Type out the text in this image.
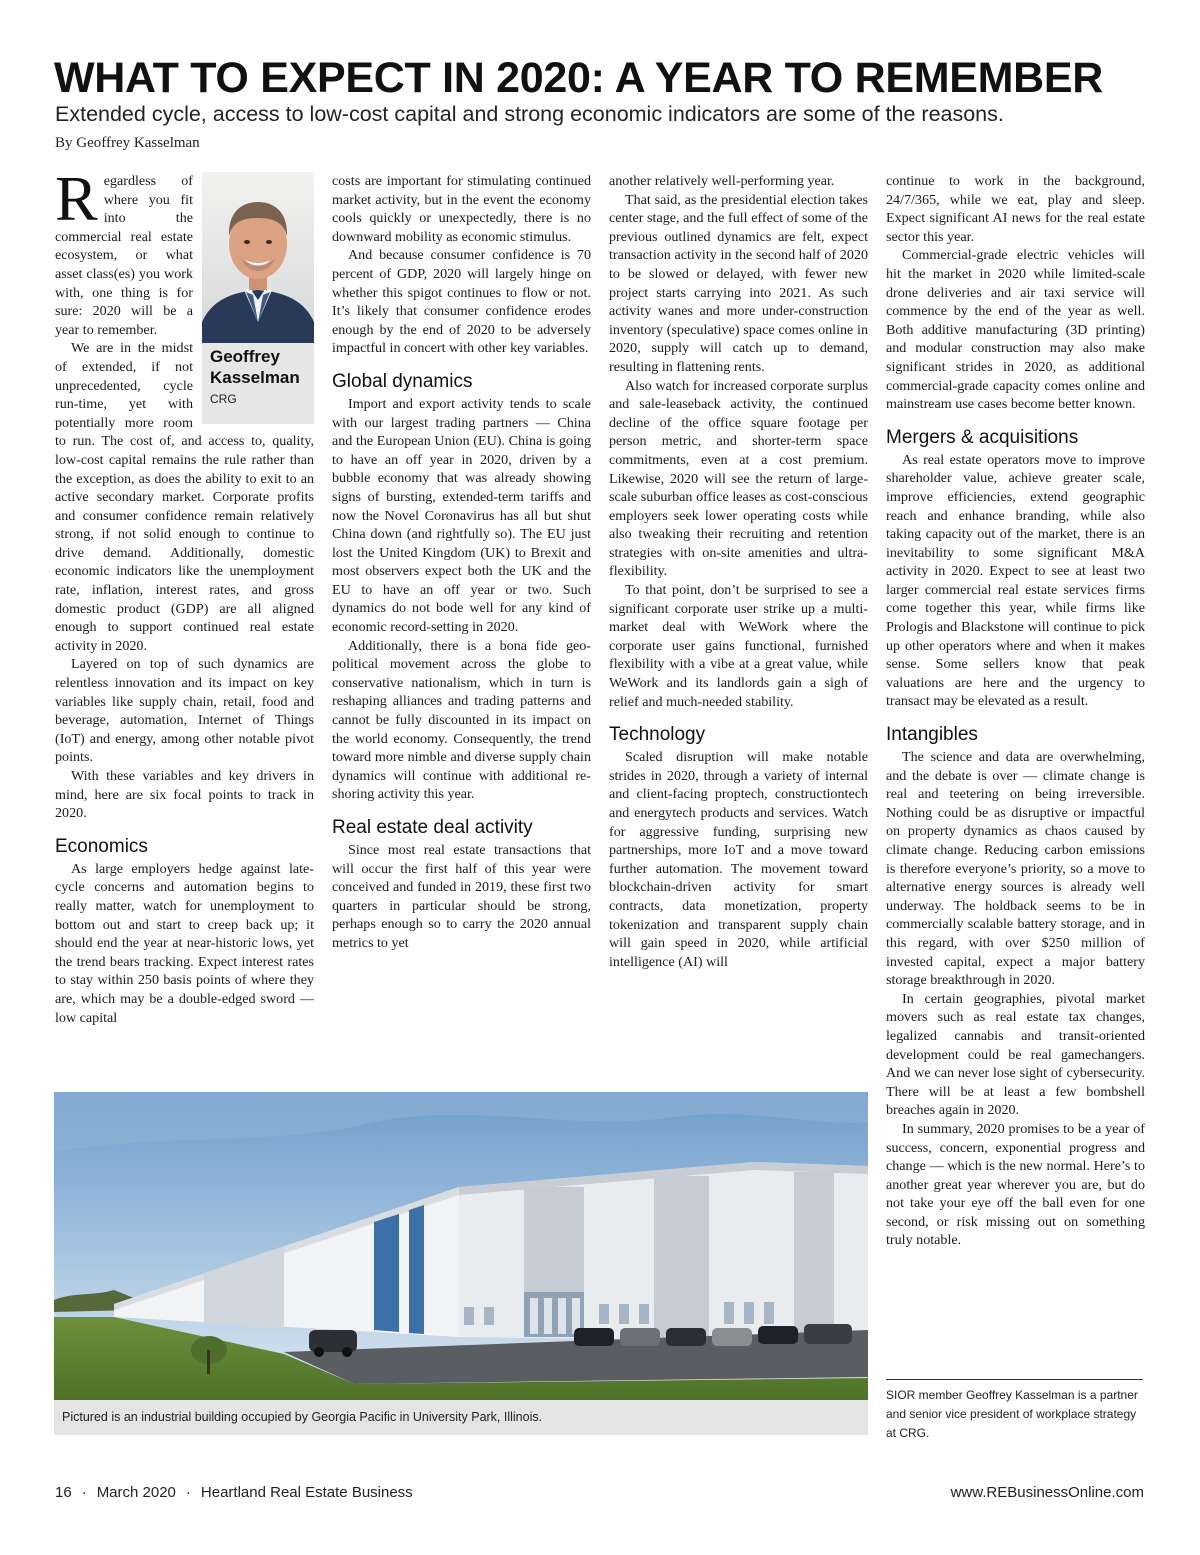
WHAT TO EXPECT IN 2020: A YEAR TO REMEMBER
Extended cycle, access to low-cost capital and strong economic indicators are some of the reasons.
By Geoffrey Kasselman
Geoffrey
Kasselman
CRG

Regardless of where you fit into the commercial real estate ecosystem, or what asset class(es) you work with, one thing is for sure: 2020 will be a year to remember.

We are in the midst of extended, if not unprecedented, cycle run-time, yet with potentially more room to run. The cost of, and access to, quality, low-cost capital remains the rule rather than the exception, as does the ability to exit to an active secondary market. Corporate profits and consumer confidence remain relatively strong, if not solid enough to continue to drive demand. Additionally, domestic economic indicators like the unemployment rate, inflation, interest rates, and gross domestic product (GDP) are all aligned enough to support continued real estate activity in 2020.

Layered on top of such dynamics are relentless innovation and its impact on key variables like supply chain, retail, food and beverage, automation, Internet of Things (IoT) and energy, among other notable pivot points.

With these variables and key drivers in mind, here are six focal points to track in 2020.

Economics

As large employers hedge against late-cycle concerns and automation begins to really matter, watch for unemployment to bottom out and start to creep back up; it should end the year at near-historic lows, yet the trend bears tracking. Expect interest rates to stay within 250 basis points of where they are, which may be a double-edged sword — low capital

costs are important for stimulating continued market activity, but in the event the economy cools quickly or unexpectedly, there is no downward mobility as economic stimulus.

And because consumer confidence is 70 percent of GDP, 2020 will largely hinge on whether this spigot continues to flow or not. It’s likely that consumer confidence erodes enough by the end of 2020 to be adversely impactful in concert with other key variables.

Global dynamics

Import and export activity tends to scale with our largest trading partners — China and the European Union (EU). China is going to have an off year in 2020, driven by a bubble economy that was already showing signs of bursting, extended-term tariffs and now the Novel Coronavirus has all but shut China down (and rightfully so). The EU just lost the United Kingdom (UK) to Brexit and most observers expect both the UK and the EU to have an off year or two. Such dynamics do not bode well for any kind of economic record-setting in 2020.

Additionally, there is a bona fide geo-political movement across the globe to conservative nationalism, which in turn is reshaping alliances and trading patterns and cannot be fully discounted in its impact on the world economy. Consequently, the trend toward more nimble and diverse supply chain dynamics will continue with additional re-shoring activity this year.

Real estate deal activity

Since most real estate transactions that will occur the first half of this year were conceived and funded in 2019, these first two quarters in particular should be strong, perhaps enough so to carry the 2020 annual metrics to yet

another relatively well-performing year.

That said, as the presidential election takes center stage, and the full effect of some of the previous outlined dynamics are felt, expect transaction activity in the second half of 2020 to be slowed or delayed, with fewer new project starts carrying into 2021. As such activity wanes and more under-construction inventory (speculative) space comes online in 2020, supply will catch up to demand, resulting in flattening rents.

Also watch for increased corporate surplus and sale-leaseback activity, the continued decline of the office square footage per person metric, and shorter-term space commitments, even at a cost premium. Likewise, 2020 will see the return of large-scale suburban office leases as cost-conscious employers seek lower operating costs while also tweaking their recruiting and retention strategies with on-site amenities and ultra-flexibility.

To that point, don’t be surprised to see a significant corporate user strike up a multi-market deal with WeWork where the corporate user gains functional, furnished flexibility with a vibe at a great value, while WeWork and its landlords gain a sigh of relief and much-needed stability.

Technology

Scaled disruption will make notable strides in 2020, through a variety of internal and client-facing proptech, constructiontech and energytech products and services. Watch for aggressive funding, surprising new partnerships, more IoT and a move toward further automation. The movement toward blockchain-driven activity for smart contracts, data monetization, property tokenization and transparent supply chain will gain speed in 2020, while artificial intelligence (AI) will

continue to work in the background, 24/7/365, while we eat, play and sleep. Expect significant AI news for the real estate sector this year.

Commercial-grade electric vehicles will hit the market in 2020 while limited-scale drone deliveries and air taxi service will commence by the end of the year as well. Both additive manufacturing (3D printing) and modular construction may also make significant strides in 2020, as additional commercial-grade capacity comes online and mainstream use cases become better known.

Mergers & acquisitions

As real estate operators move to improve shareholder value, achieve greater scale, improve efficiencies, extend geographic reach and enhance branding, while also taking capacity out of the market, there is an inevitability to some significant M&A activity in 2020. Expect to see at least two larger commercial real estate services firms come together this year, while firms like Prologis and Blackstone will continue to pick up other operators where and when it makes sense. Some sellers know that peak valuations are here and the urgency to transact may be elevated as a result.

Intangibles

The science and data are overwhelming, and the debate is over — climate change is real and teetering on being irreversible. Nothing could be as disruptive or impactful on property dynamics as chaos caused by climate change. Reducing carbon emissions is therefore everyone’s priority, so a move to alternative energy sources is already well underway. The holdback seems to be in commercially scalable battery storage, and in this regard, with over $250 million of invested capital, expect a major battery storage breakthrough in 2020.

In certain geographies, pivotal market movers such as real estate tax changes, legalized cannabis and transit-oriented development could be real gamechangers. And we can never lose sight of cybersecurity. There will be at least a few bombshell breaches again in 2020.

In summary, 2020 promises to be a year of success, concern, exponential progress and change — which is the new normal. Here’s to another great year wherever you are, but do not take your eye off the ball even for one second, or risk missing out on something truly notable.

Pictured is an industrial building occupied by Georgia Pacific in University Park, Illinois.
SIOR member Geoffrey Kasselman is a partner and senior vice president of workplace strategy at CRG.
16 · March 2020 · Heartland Real Estate Business	www.REBusinessOnline.com
